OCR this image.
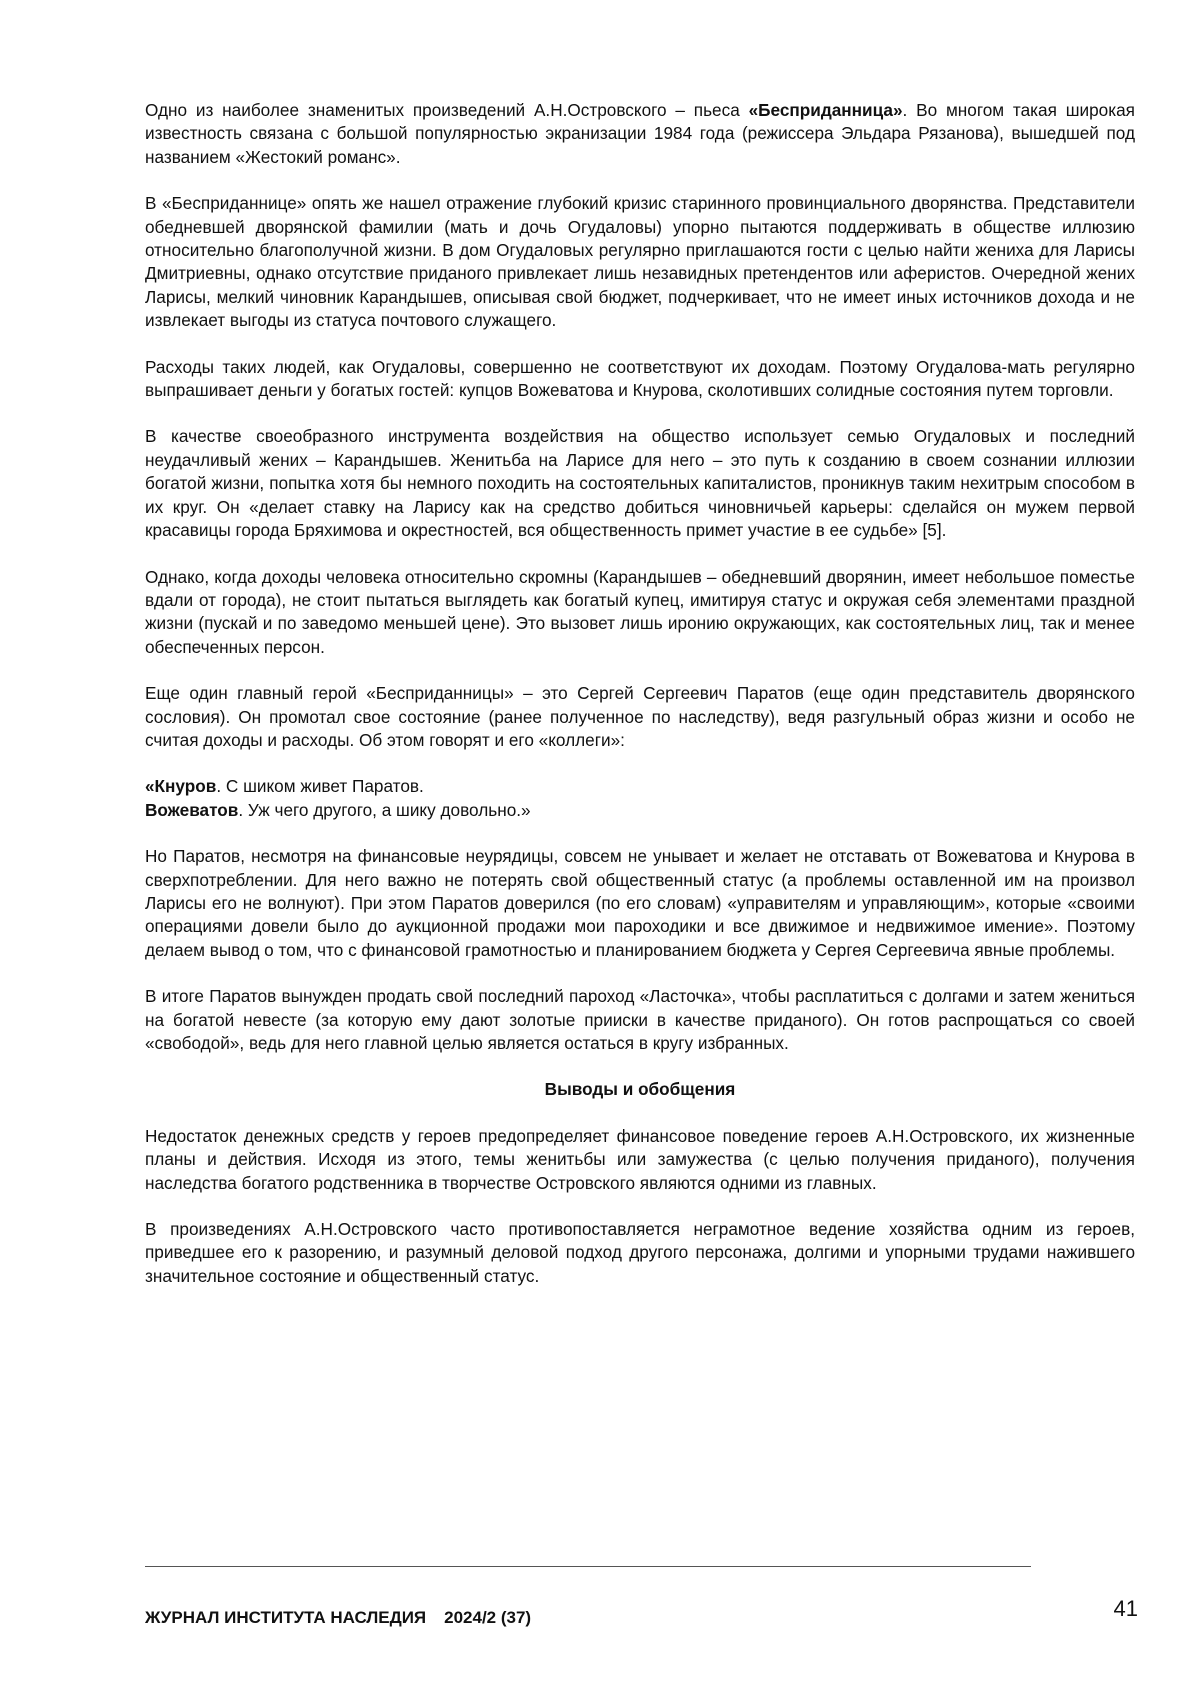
Одно из наиболее знаменитых произведений А.Н.Островского – пьеса «Бесприданница». Во многом такая широкая известность связана с большой популярностью экранизации 1984 года (режиссера Эльдара Рязанова), вышедшей под названием «Жестокий романс».

В «Бесприданнице» опять же нашел отражение глубокий кризис старинного провинциального дворянства. Представители обедневшей дворянской фамилии (мать и дочь Огудаловы) упорно пытаются поддерживать в обществе иллюзию относительно благополучной жизни. В дом Огудаловых регулярно приглашаются гости с целью найти жениха для Ларисы Дмитриевны, однако отсутствие приданого привлекает лишь незавидных претендентов или аферистов. Очередной жених Ларисы, мелкий чиновник Карандышев, описывая свой бюджет, подчеркивает, что не имеет иных источников дохода и не извлекает выгоды из статуса почтового служащего.

Расходы таких людей, как Огудаловы, совершенно не соответствуют их доходам. Поэтому Огудалова-мать регулярно выпрашивает деньги у богатых гостей: купцов Вожеватова и Кнурова, сколотивших солидные состояния путем торговли.

В качестве своеобразного инструмента воздействия на общество использует семью Огудаловых и последний неудачливый жених – Карандышев. Женитьба на Ларисе для него – это путь к созданию в своем сознании иллюзии богатой жизни, попытка хотя бы немного походить на состоятельных капиталистов, проникнув таким нехитрым способом в их круг. Он «делает ставку на Ларису как на средство добиться чиновничьей карьеры: сделайся он мужем первой красавицы города Бряхимова и окрестностей, вся общественность примет участие в ее судьбе» [5].

Однако, когда доходы человека относительно скромны (Карандышев – обедневший дворянин, имеет небольшое поместье вдали от города), не стоит пытаться выглядеть как богатый купец, имитируя статус и окружая себя элементами праздной жизни (пускай и по заведомо меньшей цене). Это вызовет лишь иронию окружающих, как состоятельных лиц, так и менее обеспеченных персон.

Еще один главный герой «Бесприданницы» – это Сергей Сергеевич Паратов (еще один представитель дворянского сословия). Он промотал свое состояние (ранее полученное по наследству), ведя разгульный образ жизни и особо не считая доходы и расходы. Об этом говорят и его «коллеги»:

«Кнуров. С шиком живет Паратов.
Вожеватов. Уж чего другого, а шику довольно.»

Но Паратов, несмотря на финансовые неурядицы, совсем не унывает и желает не отставать от Вожеватова и Кнурова в сверхпотреблении. Для него важно не потерять свой общественный статус (а проблемы оставленной им на произвол Ларисы его не волнуют). При этом Паратов доверился (по его словам) «управителям и управляющим», которые «своими операциями довели было до аукционной продажи мои пароходики и все движимое и недвижимое имение». Поэтому делаем вывод о том, что с финансовой грамотностью и планированием бюджета у Сергея Сергеевича явные проблемы.

В итоге Паратов вынужден продать свой последний пароход «Ласточка», чтобы расплатиться с долгами и затем жениться на богатой невесте (за которую ему дают золотые прииски в качестве приданого). Он готов распрощаться со своей «свободой», ведь для него главной целью является остаться в кругу избранных.

Выводы и обобщения

Недостаток денежных средств у героев предопределяет финансовое поведение героев А.Н.Островского, их жизненные планы и действия. Исходя из этого, темы женитьбы или замужества (с целью получения приданого), получения наследства богатого родственника в творчестве Островского являются одними из главных.

В произведениях А.Н.Островского часто противопоставляется неграмотное ведение хозяйства одним из героев, приведшее его к разорению, и разумный деловой подход другого персонажа, долгими и упорными трудами нажившего значительное состояние и общественный статус.

ЖУРНАЛ ИНСТИТУТА НАСЛЕДИЯ 2024/2 (37)	41
